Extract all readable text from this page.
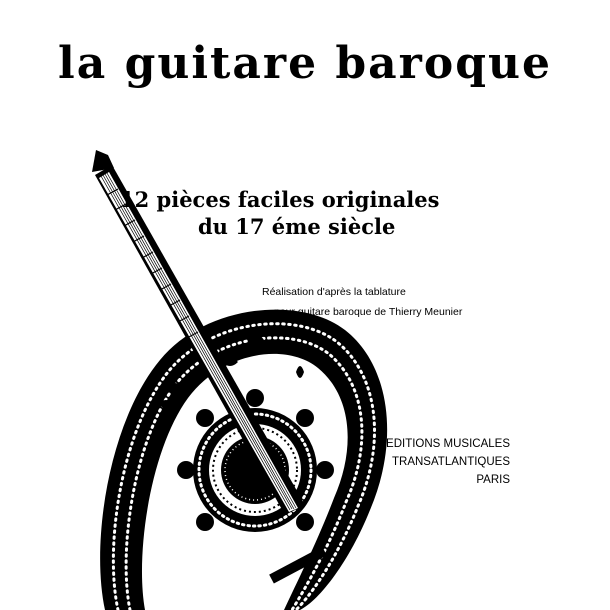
la guitare baroque
12 pièces faciles originales
du 17 éme siècle
Réalisation d'après la tablature
pour guitare baroque de Thierry Meunier
EDITIONS MUSICALES
TRANSATLANTIQUES
PARIS
